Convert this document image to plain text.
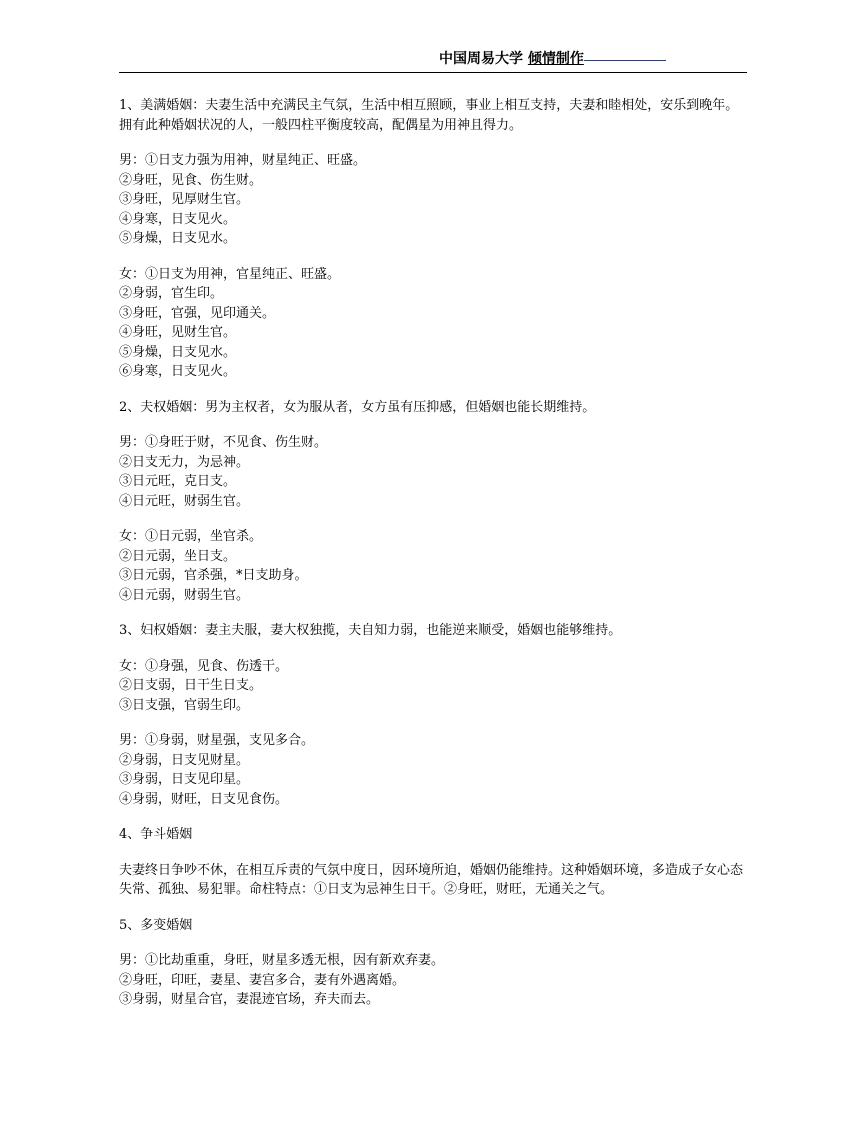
中国周易大学 倾情制作

1、美满婚姻：夫妻生活中充满民主气氛，生活中相互照顾，事业上相互支持，夫妻和睦相处，安乐到晚年。拥有此种婚姻状况的人，一般四柱平衡度较高，配偶星为用神且得力。

男：①日支力强为用神，财星纯正、旺盛。

②身旺，见食、伤生财。

③身旺，见厚财生官。

④身寒，日支见火。

⑤身燥，日支见水。

女：①日支为用神，官星纯正、旺盛。

②身弱，官生印。

③身旺，官强，见印通关。

④身旺，见财生官。

⑤身燥，日支见水。

⑥身寒，日支见火。

2、夫权婚姻：男为主权者，女为服从者，女方虽有压抑感，但婚姻也能长期维持。

男：①身旺于财，不见食、伤生财。

②日支无力，为忌神。

③日元旺，克日支。

④日元旺，财弱生官。

女：①日元弱，坐官杀。

②日元弱，坐日支。

③日元弱，官杀强，*日支助身。

④日元弱，财弱生官。

3、妇权婚姻：妻主夫服，妻大权独揽，夫自知力弱，也能逆来顺受，婚姻也能够维持。

女：①身强，见食、伤透干。

②日支弱，日干生日支。

③日支强，官弱生印。

男：①身弱，财星强，支见多合。

②身弱，日支见财星。

③身弱，日支见印星。

④身弱，财旺，日支见食伤。

4、争斗婚姻

夫妻终日争吵不休，在相互斥责的气氛中度日，因环境所迫，婚姻仍能维持。这种婚姻环境，多造成子女心态失常、孤独、易犯罪。命柱特点：①日支为忌神生日干。②身旺，财旺，无通关之气。

5、多变婚姻

男：①比劫重重，身旺，财星多透无根，因有新欢弃妻。

②身旺，印旺，妻星、妻宫多合，妻有外遇离婚。

③身弱，财星合官，妻混迹官场，弃夫而去。
